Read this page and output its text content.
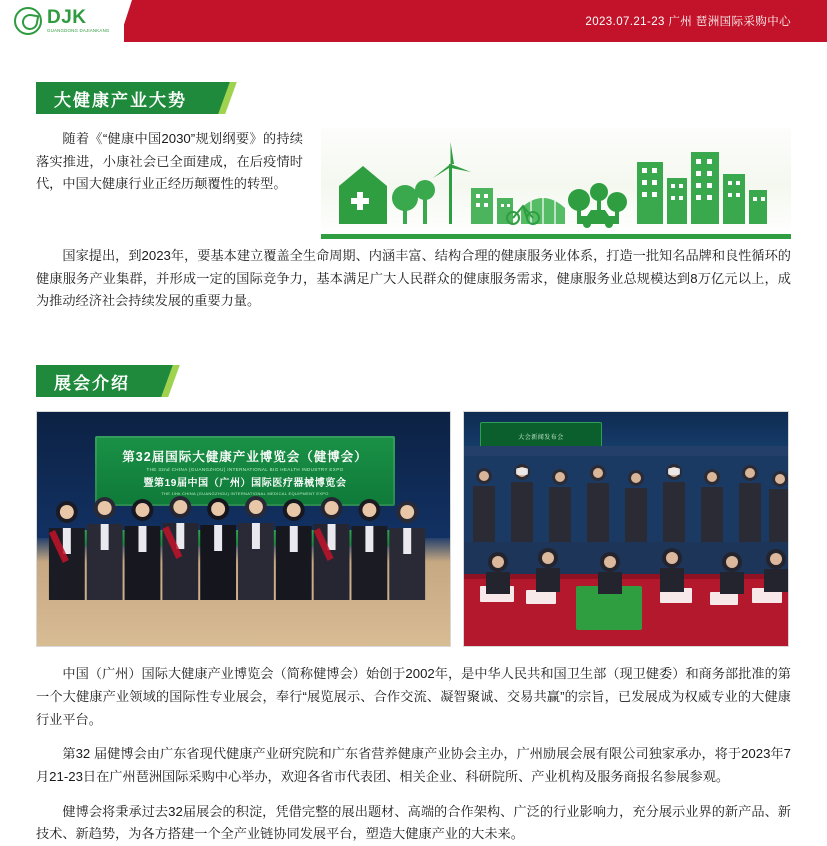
DJK
GUANGDONG DAJIANKANG
2023.07.21-23 广州 琶洲国际采购中心
大健康产业大势

随着《“健康中国2030”规划纲要》的持续落实推进，小康社会已全面建成，在后疫情时代，中国大健康行业正经历颠覆性的转型。

国家提出，到2023年，要基本建立覆盖全生命周期、内涵丰富、结构合理的健康服务业体系，打造一批知名品牌和良性循环的健康服务产业集群，并形成一定的国际竞争力，基本满足广大人民群众的健康服务需求，健康服务业总规模达到8万亿元以上，成为推动经济社会持续发展的重要力量。

展会介绍
第32届国际大健康产业博览会（健博会）
THE 32nd CHINA (GUANGZHOU) INTERNATIONAL BIG HEALTH INDUSTRY EXPO
暨第19届中国（广州）国际医疗器械博览会
THE 19th CHINA (GUANGZHOU) INTERNATIONAL MEDICAL EQUIPMENT EXPO
大会新闻发布会

中国（广州）国际大健康产业博览会（简称健博会）始创于2002年，是中华人民共和国卫生部（现卫健委）和商务部批准的第一个大健康产业领域的国际性专业展会，奉行“展览展示、合作交流、凝智聚诚、交易共赢”的宗旨，已发展成为权威专业的大健康行业平台。

第32 届健博会由广东省现代健康产业研究院和广东省营养健康产业协会主办，广州励展会展有限公司独家承办，将于2023年7月21-23日在广州琶洲国际采购中心举办，欢迎各省市代表团、相关企业、科研院所、产业机构及服务商报名参展参观。

健博会将秉承过去32届展会的积淀，凭借完整的展出题材、高端的合作架构、广泛的行业影响力，充分展示业界的新产品、新技术、新趋势，为各方搭建一个全产业链协同发展平台，塑造大健康产业的大未来。
